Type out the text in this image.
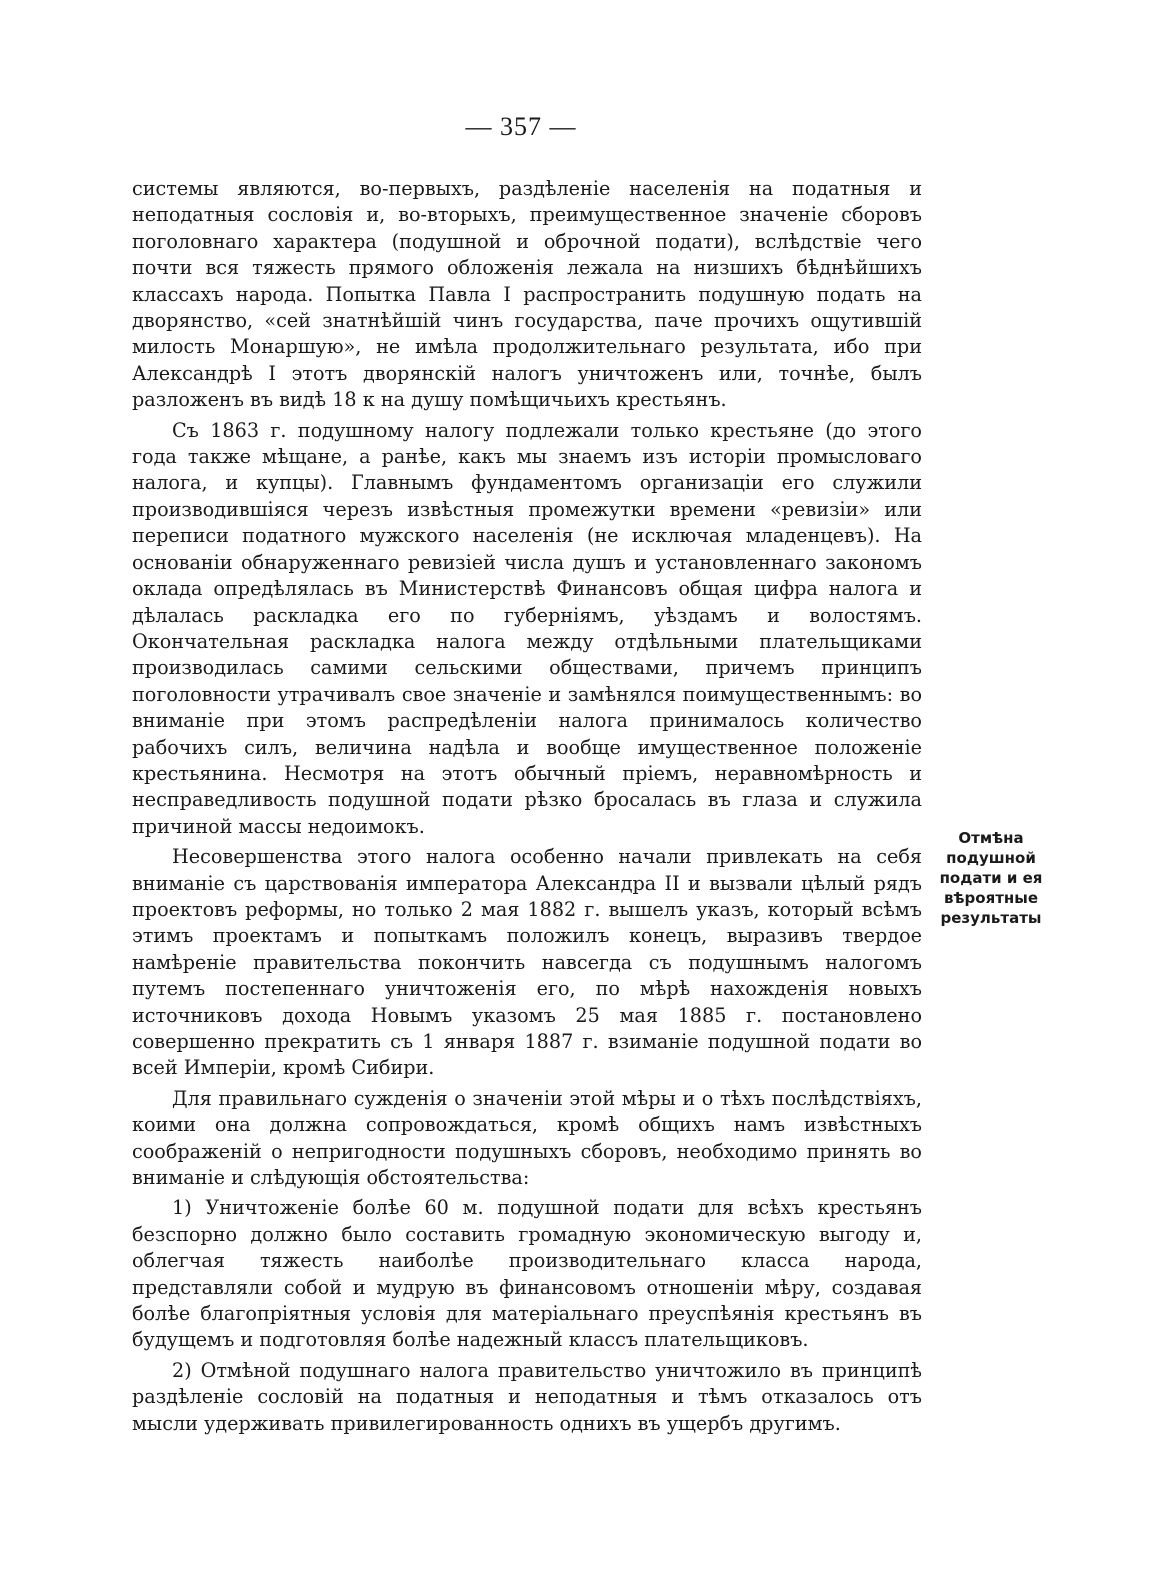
— 357 —

системы являются, во-первыхъ, раздѣленіе населенія на податныя и неподатныя сословія и, во-вторыхъ, преимущественное значеніе сборовъ поголовнаго характера (подушной и оброчной подати), вслѣдствіе чего почти вся тяжесть прямого обложенія лежала на низшихъ бѣднѣйшихъ классахъ народа. Попытка Павла I распространить подушную подать на дворянство, «сей знатнѣйшій чинъ государства, паче прочихъ ощутившій милость Монаршую», не имѣла продолжительнаго результата, ибо при Александрѣ I этотъ дворянскій налогъ уничтоженъ или, точнѣе, былъ разложенъ въ видѣ 18 к на душу помѣщичьихъ крестьянъ.

Съ 1863 г. подушному налогу подлежали только крестьяне (до этого года также мѣщане, а ранѣе, какъ мы знаемъ изъ исторіи промысловаго налога, и купцы). Главнымъ фундаментомъ организаціи его служили производившіяся черезъ извѣстныя промежутки времени «ревизіи» или переписи податного мужского населенія (не исключая младенцевъ). На основаніи обнаруженнаго ревизіей числа душъ и установленнаго закономъ оклада опредѣлялась въ Министерствѣ Финансовъ общая цифра налога и дѣлалась раскладка его по губерніямъ, уѣздамъ и волостямъ. Окончательная раскладка налога между отдѣльными плательщиками производилась самими сельскими обществами, причемъ принципъ поголовности утрачивалъ свое значеніе и замѣнялся поимущественнымъ: во вниманіе при этомъ распредѣленіи налога принималось количество рабочихъ силъ, величина надѣла и вообще имущественное положеніе крестьянина. Несмотря на этотъ обычный пріемъ, неравномѣрность и несправедливость подушной подати рѣзко бросалась въ глаза и служила причиной массы недоимокъ.

Несовершенства этого налога особенно начали привлекать на себя вниманіе съ царствованія императора Александра II и вызвали цѣлый рядъ проектовъ реформы, но только 2 мая 1882 г. вышелъ указъ, который всѣмъ этимъ проектамъ и попыткамъ положилъ конецъ, выразивъ твердое намѣреніе правительства покончить навсегда съ подушнымъ налогомъ путемъ постепеннаго уничтоженія его, по мѣрѣ нахожденія новыхъ источниковъ дохода Новымъ указомъ 25 мая 1885 г. постановлено совершенно прекратить съ 1 января 1887 г. взиманіе подушной подати во всей Имперіи, кромѣ Сибири.

Для правильнаго сужденія о значеніи этой мѣры и о тѣхъ послѣдствіяхъ, коими она должна сопровождаться, кромѣ общихъ намъ извѣстныхъ соображеній о непригодности подушныхъ сборовъ, необходимо принять во вниманіе и слѣдующія обстоятельства:

1) Уничтоженіе болѣе 60 м. подушной подати для всѣхъ крестьянъ безспорно должно было составить громадную экономическую выгоду и, облегчая тяжесть наиболѣе производительнаго класса народа, представляли собой и мудрую въ финансовомъ отношеніи мѣру, создавая болѣе благопріятныя условія для матеріальнаго преуспѣянія крестьянъ въ будущемъ и подготовляя болѣе надежный классъ плательщиковъ.

2) Отмѣной подушнаго налога правительство уничтожило въ принципѣ раздѣленіе сословій на податныя и неподатныя и тѣмъ отказалось отъ мысли удерживать привилегированность однихъ въ ущербъ другимъ.

Отмѣна
подушной
подати и ея
вѣроятные
результаты
